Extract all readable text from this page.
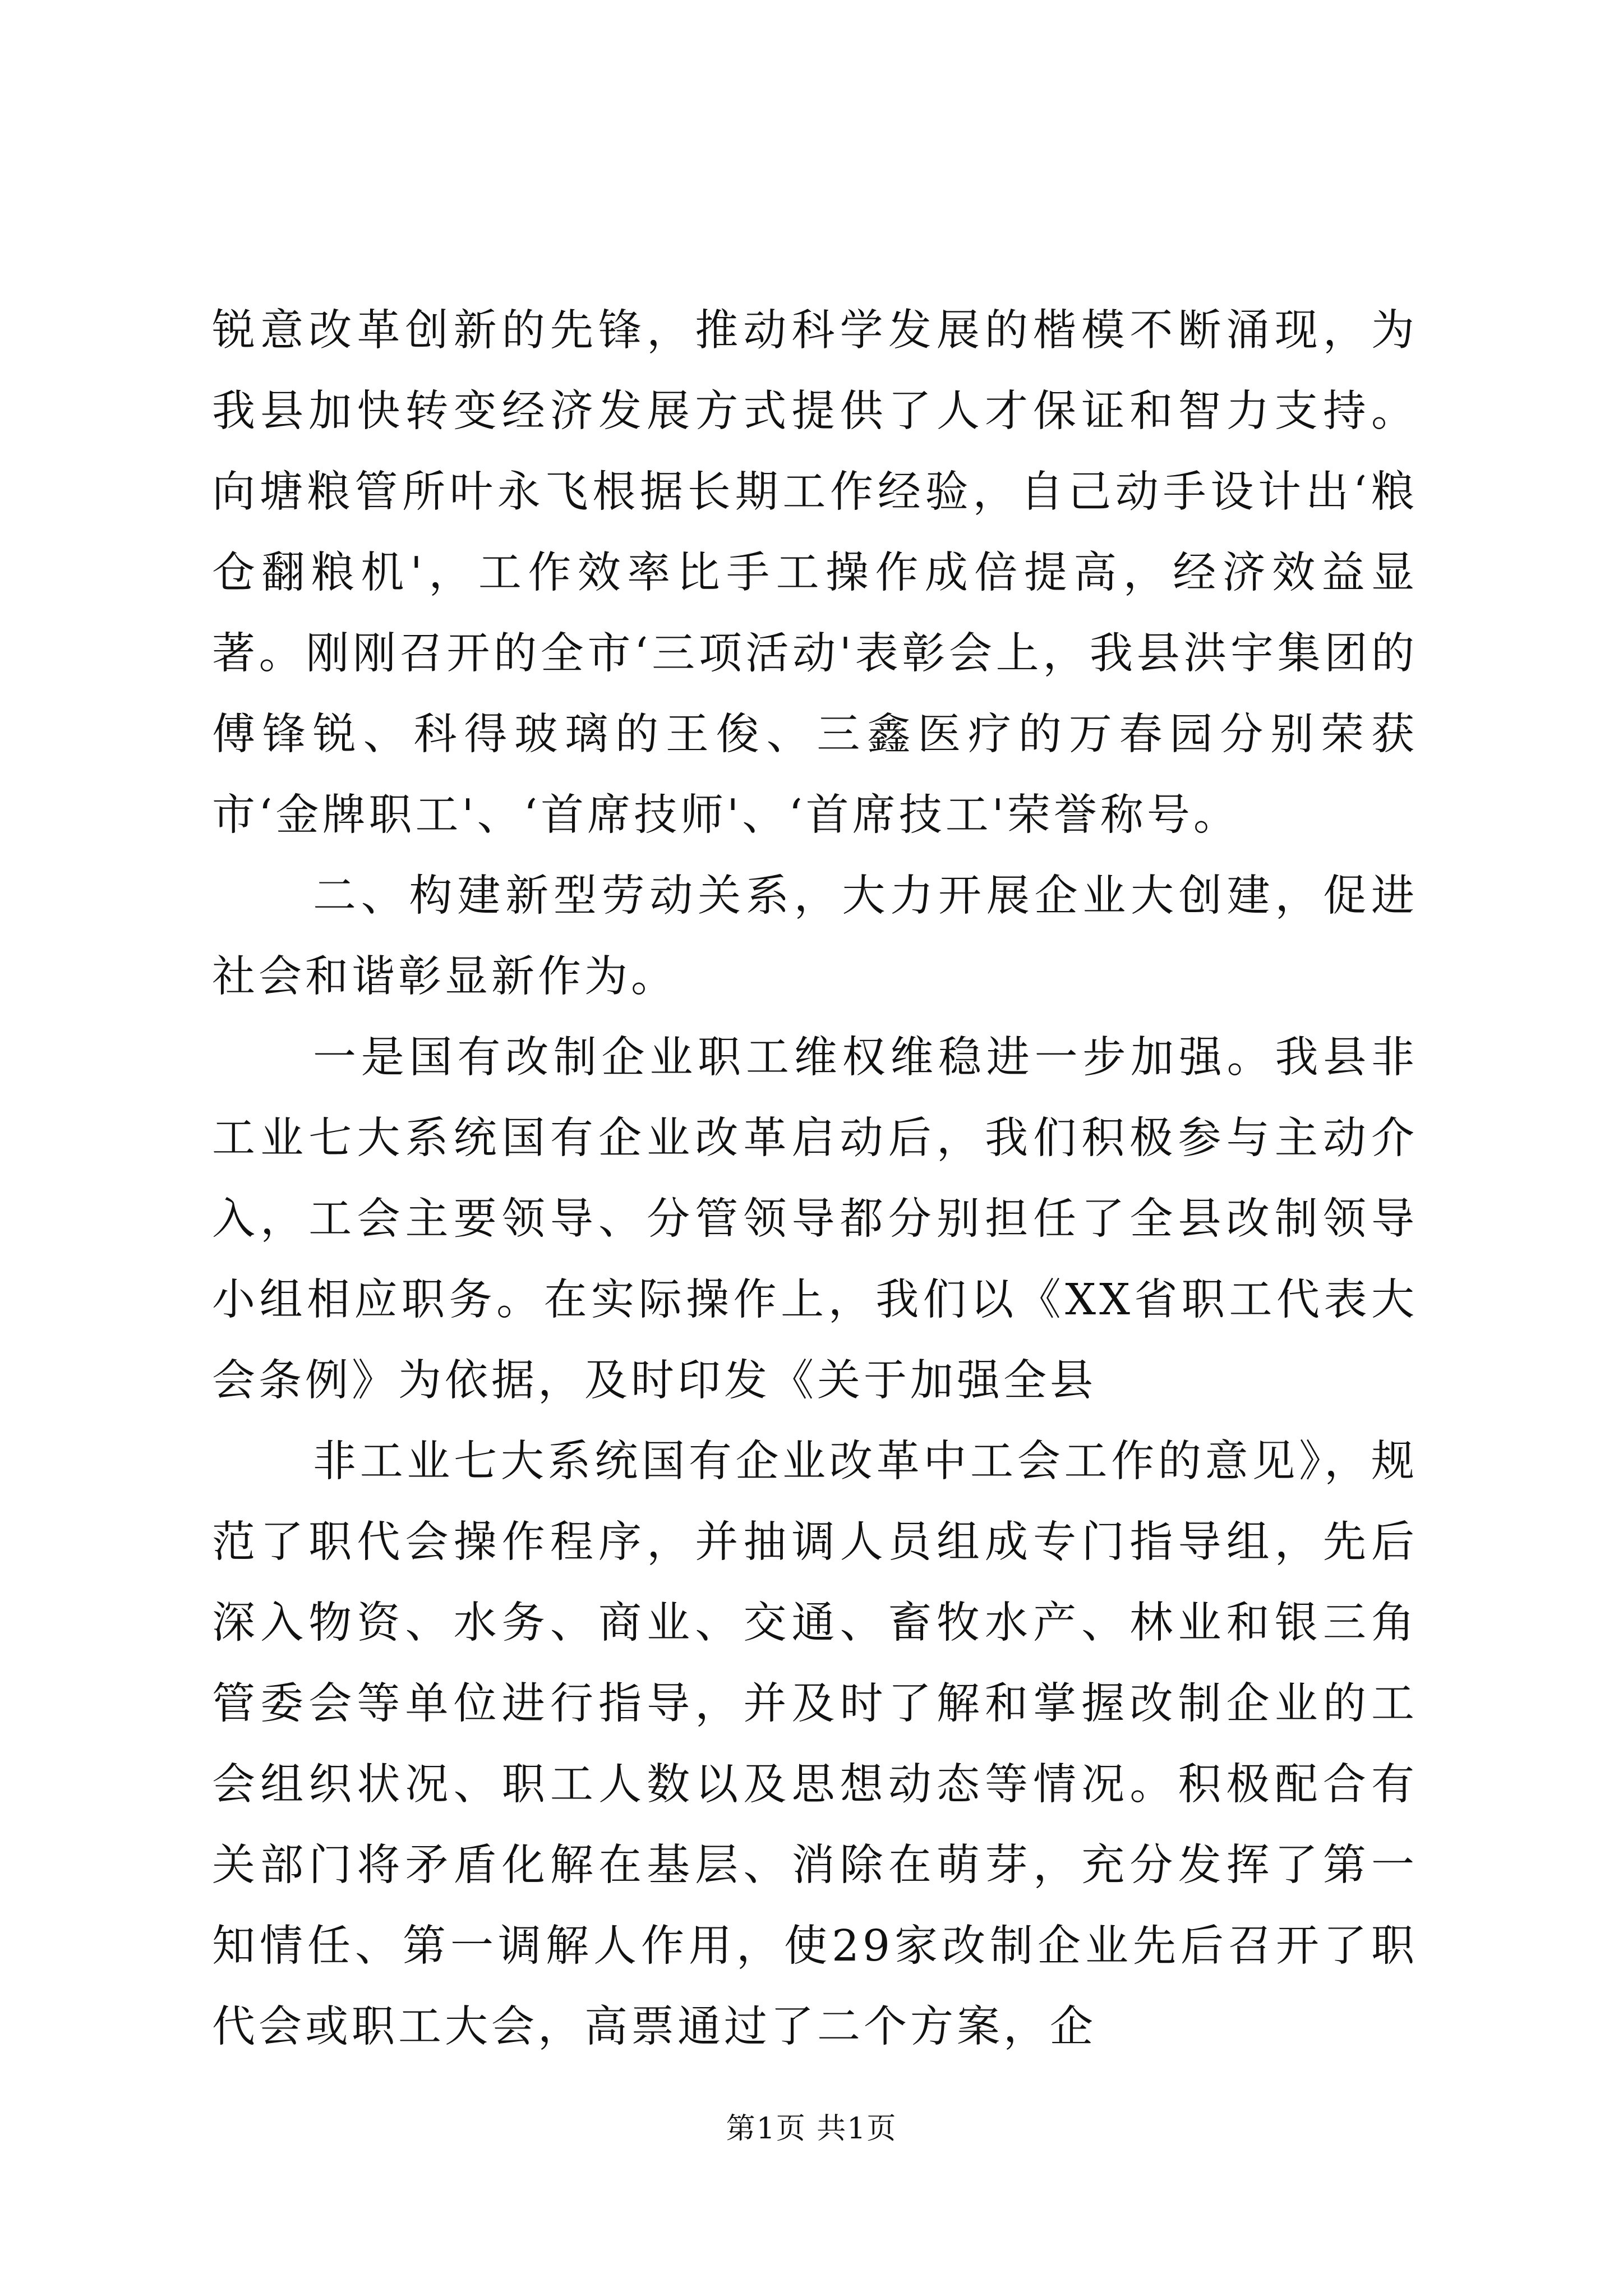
锐意改革创新的先锋，推动科学发展的楷模不断涌现，为我县加快转变经济发展方式提供了人才保证和智力支持。向塘粮管所叶永飞根据长期工作经验，自己动手设计出‘粮仓翻粮机'，工作效率比手工操作成倍提高，经济效益显著。刚刚召开的全市‘三项活动'表彰会上，我县洪宇集团的傅锋锐、科得玻璃的王俊、三鑫医疗的万春园分别荣获市‘金牌职工'、‘首席技师'、‘首席技工'荣誉称号。

二、构建新型劳动关系，大力开展企业大创建，促进社会和谐彰显新作为。

一是国有改制企业职工维权维稳进一步加强。我县非工业七大系统国有企业改革启动后，我们积极参与主动介入，工会主要领导、分管领导都分别担任了全县改制领导小组相应职务。在实际操作上，我们以《XX省职工代表大会条例》为依据，及时印发《关于加强全县

非工业七大系统国有企业改革中工会工作的意见》，规范了职代会操作程序，并抽调人员组成专门指导组，先后深入物资、水务、商业、交通、畜牧水产、林业和银三角管委会等单位进行指导，并及时了解和掌握改制企业的工会组织状况、职工人数以及思想动态等情况。积极配合有关部门将矛盾化解在基层、消除在萌芽，充分发挥了第一知情任、第一调解人作用，使29家改制企业先后召开了职代会或职工大会，高票通过了二个方案，企

第1页 共1页
